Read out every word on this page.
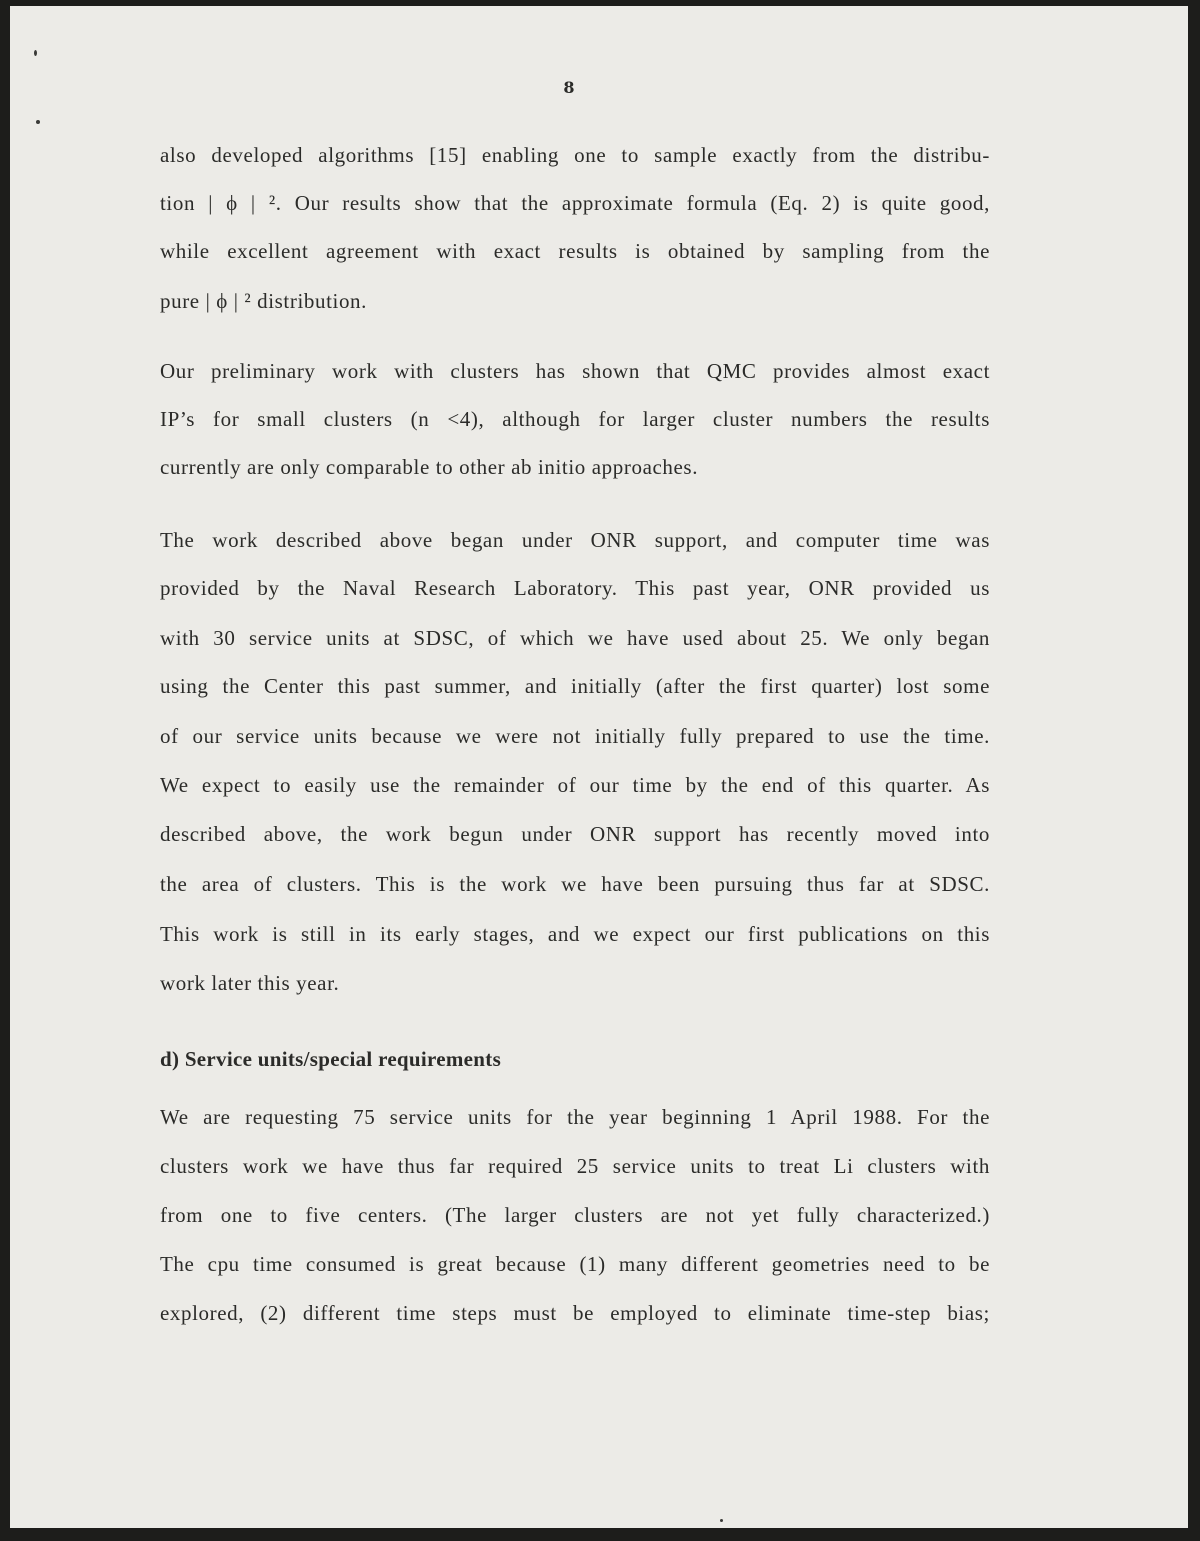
8
also developed algorithms [15] enabling one to sample exactly from the distribu-
tion | ϕ | ². Our results show that the approximate formula (Eq. 2) is quite good,
while excellent agreement with exact results is obtained by sampling from the
pure | ϕ | ² distribution.
Our preliminary work with clusters has shown that QMC provides almost exact
IP’s for small clusters (n <4), although for larger cluster numbers the results
currently are only comparable to other ab initio approaches.
The work described above began under ONR support, and computer time was
provided by the Naval Research Laboratory. This past year, ONR provided us
with 30 service units at SDSC, of which we have used about 25. We only began
using the Center this past summer, and initially (after the first quarter) lost some
of our service units because we were not initially fully prepared to use the time.
We expect to easily use the remainder of our time by the end of this quarter. As
described above, the work begun under ONR support has recently moved into
the area of clusters. This is the work we have been pursuing thus far at SDSC.
This work is still in its early stages, and we expect our first publications on this
work later this year.
d) Service units/special requirements
We are requesting 75 service units for the year beginning 1 April 1988. For the
clusters work we have thus far required 25 service units to treat Li clusters with
from one to five centers. (The larger clusters are not yet fully characterized.)
The cpu time consumed is great because (1) many different geometries need to be
explored, (2) different time steps must be employed to eliminate time-step bias;
